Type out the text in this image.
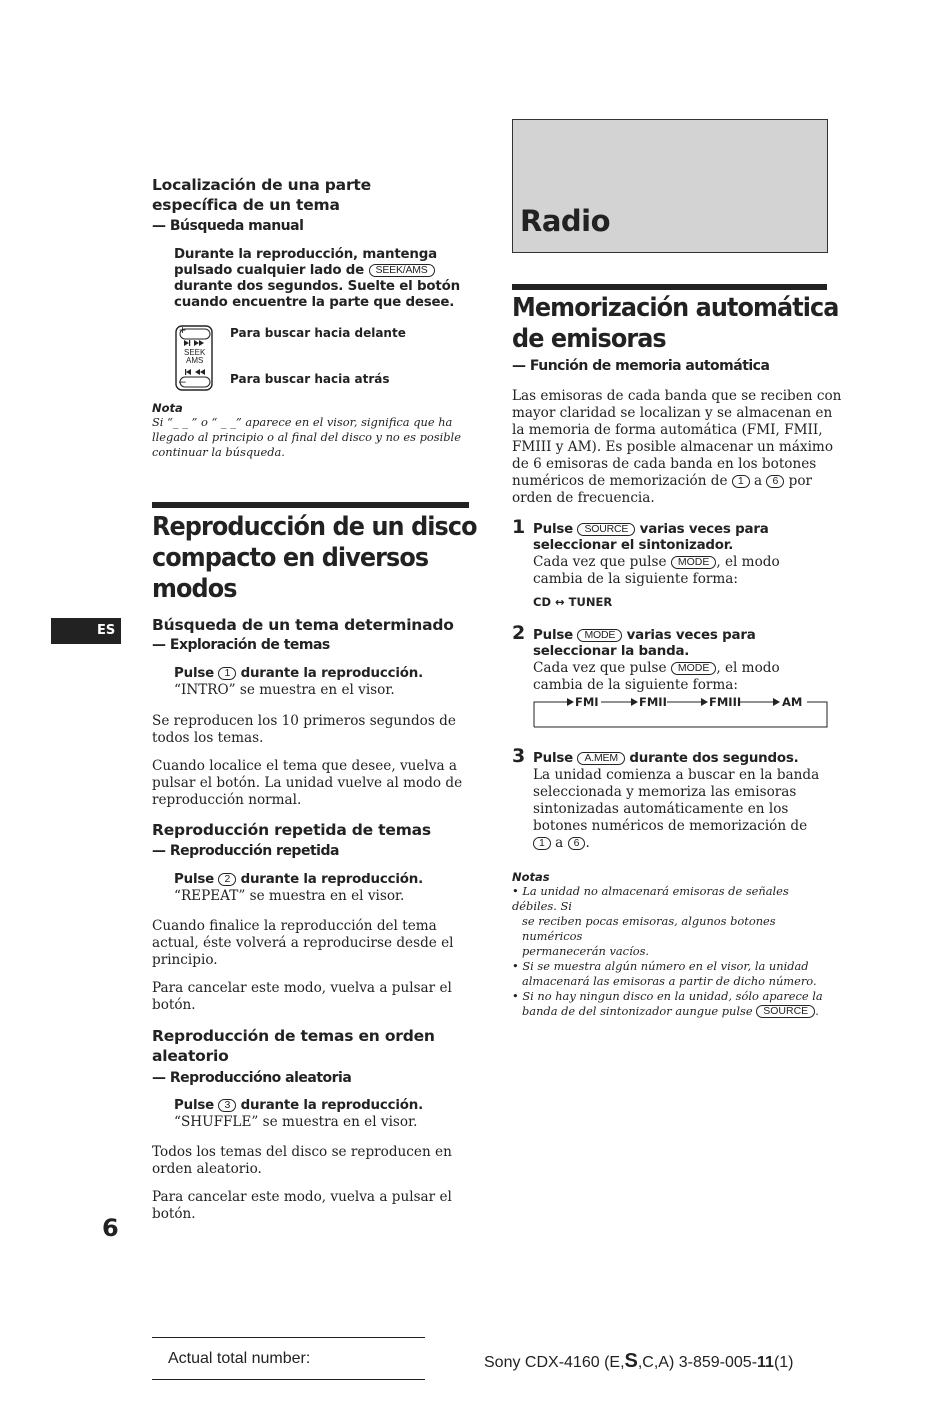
Localización de una parte
específica de un tema
— Búsqueda manual
Durante la reproducción, mantenga
pulsado cualquier lado de SEEK/AMS
durante dos segundos. Suelte el botón
cuando encuentre la parte que desee.
+
–
SEEK
AMS
Para buscar hacia delante
Para buscar hacia atrás
Nota
Si “_ _ ” o “ _ _” aparece en el visor, significa que ha
llegado al principio o al final del disco y no es posible
continuar la búsqueda.
Reproducción de un disco
compacto en diversos
modos
Búsqueda de un tema determinado
— Exploración de temas
Pulse 1 durante la reproducción.
“INTRO” se muestra en el visor.
Se reproducen los 10 primeros segundos de
todos los temas.
Cuando localice el tema que desee, vuelva a
pulsar el botón. La unidad vuelve al modo de
reproducción normal.
Reproducción repetida de temas
— Reproducción repetida
Pulse 2 durante la reproducción.
“REPEAT” se muestra en el visor.
Cuando finalice la reproducción del tema
actual, éste volverá a reproducirse desde el
principio.
Para cancelar este modo, vuelva a pulsar el
botón.
Reproducción de temas en orden
aleatorio
— Reproduccióno aleatoria
Pulse 3 durante la reproducción.
“SHUFFLE” se muestra en el visor.
Todos los temas del disco se reproducen en
orden aleatorio.
Para cancelar este modo, vuelva a pulsar el
botón.
ES
6
Radio
Memorización automática
de emisoras
— Función de memoria automática
Las emisoras de cada banda que se reciben con
mayor claridad se localizan y se almacenan en
la memoria de forma automática (FMI, FMII,
FMIII y AM). Es posible almacenar un máximo
de 6 emisoras de cada banda en los botones
numéricos de memorización de 1 a 6 por
orden de frecuencia.
1 Pulse SOURCE varias veces para
seleccionar el sintonizador.
Cada vez que pulse MODE , el modo
cambia de la siguiente forma:
CD ↔ TUNER
2 Pulse MODE varias veces para
seleccionar la banda.
Cada vez que pulse MODE , el modo
cambia de la siguiente forma:
FMI	FMII	FMIII	AM
3 Pulse A.MEM durante dos segundos.
La unidad comienza a buscar en la banda
seleccionada y memoriza las emisoras
sintonizadas automáticamente en los
botones numéricos de memorización de
1 a 6 .
Notas
• La unidad no almacenará emisoras de señales débiles. Si
se reciben pocas emisoras, algunos botones numéricos
permanecerán vacíos.
• Si se muestra algún número en el visor, la unidad
almacenará las emisoras a partir de dicho número.
• Si no hay ningun disco en la unidad, sólo aparece la
banda de del sintonizador aungue pulse SOURCE .
Actual total number:	Sony CDX-4160 (E,S,C,A) 3-859-005-11(1)
